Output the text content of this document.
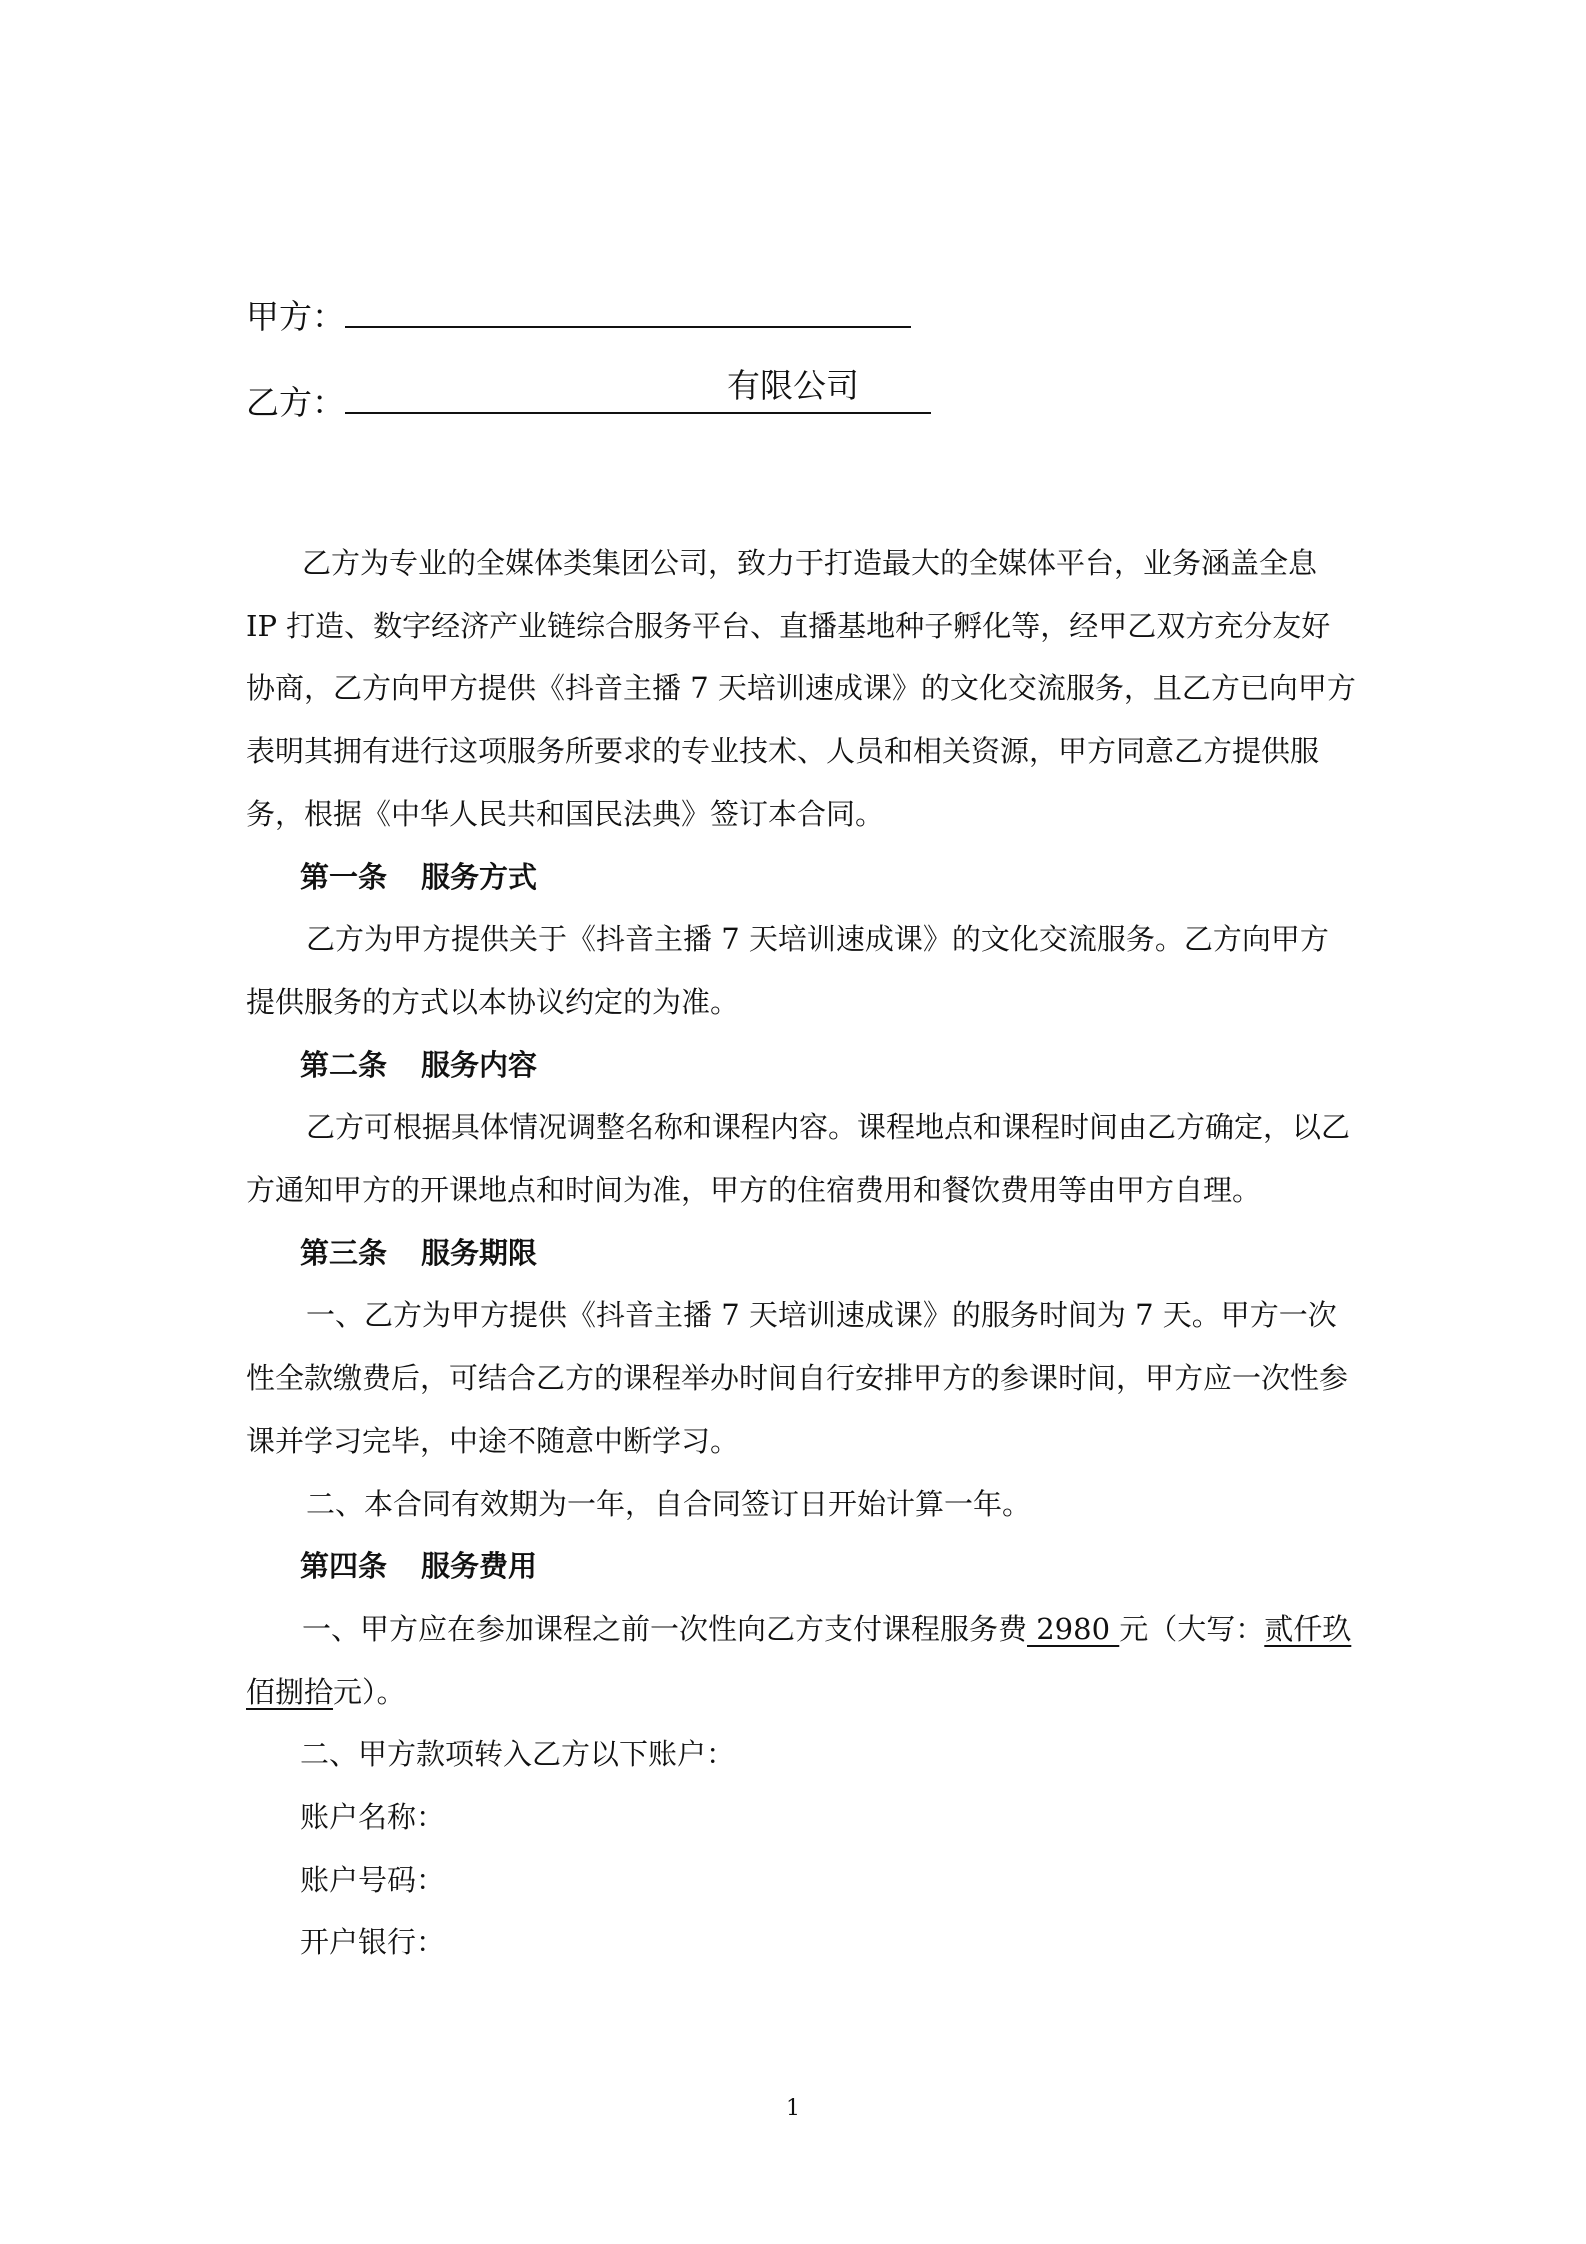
甲方：
乙方：	有限公司

乙方为专业的全媒体类集团公司，致力于打造最大的全媒体平台，业务涵盖全息 IP 打造、数字经济产业链综合服务平台、直播基地种子孵化等，经甲乙双方充分友好协商，乙方向甲方提供《抖音主播 7 天培训速成课》的文化交流服务，且乙方已向甲方表明其拥有进行这项服务所要求的专业技术、人员和相关资源，甲方同意乙方提供服务，根据《中华人民共和国民法典》签订本合同。

第一条 服务方式

乙方为甲方提供关于《抖音主播 7 天培训速成课》的文化交流服务。乙方向甲方提供服务的方式以本协议约定的为准。

第二条 服务内容

乙方可根据具体情况调整名称和课程内容。课程地点和课程时间由乙方确定，以乙方通知甲方的开课地点和时间为准，甲方的住宿费用和餐饮费用等由甲方自理。

第三条 服务期限

一、乙方为甲方提供《抖音主播 7 天培训速成课》的服务时间为 7 天。甲方一次性全款缴费后，可结合乙方的课程举办时间自行安排甲方的参课时间，甲方应一次性参课并学习完毕，中途不随意中断学习。

二、本合同有效期为一年，自合同签订日开始计算一年。

第四条 服务费用

一、甲方应在参加课程之前一次性向乙方支付课程服务费 2980 元（大写：贰仟玖佰捌拾元）。

二、甲方款项转入乙方以下账户：

账户名称：

账户号码：

开户银行：

1
